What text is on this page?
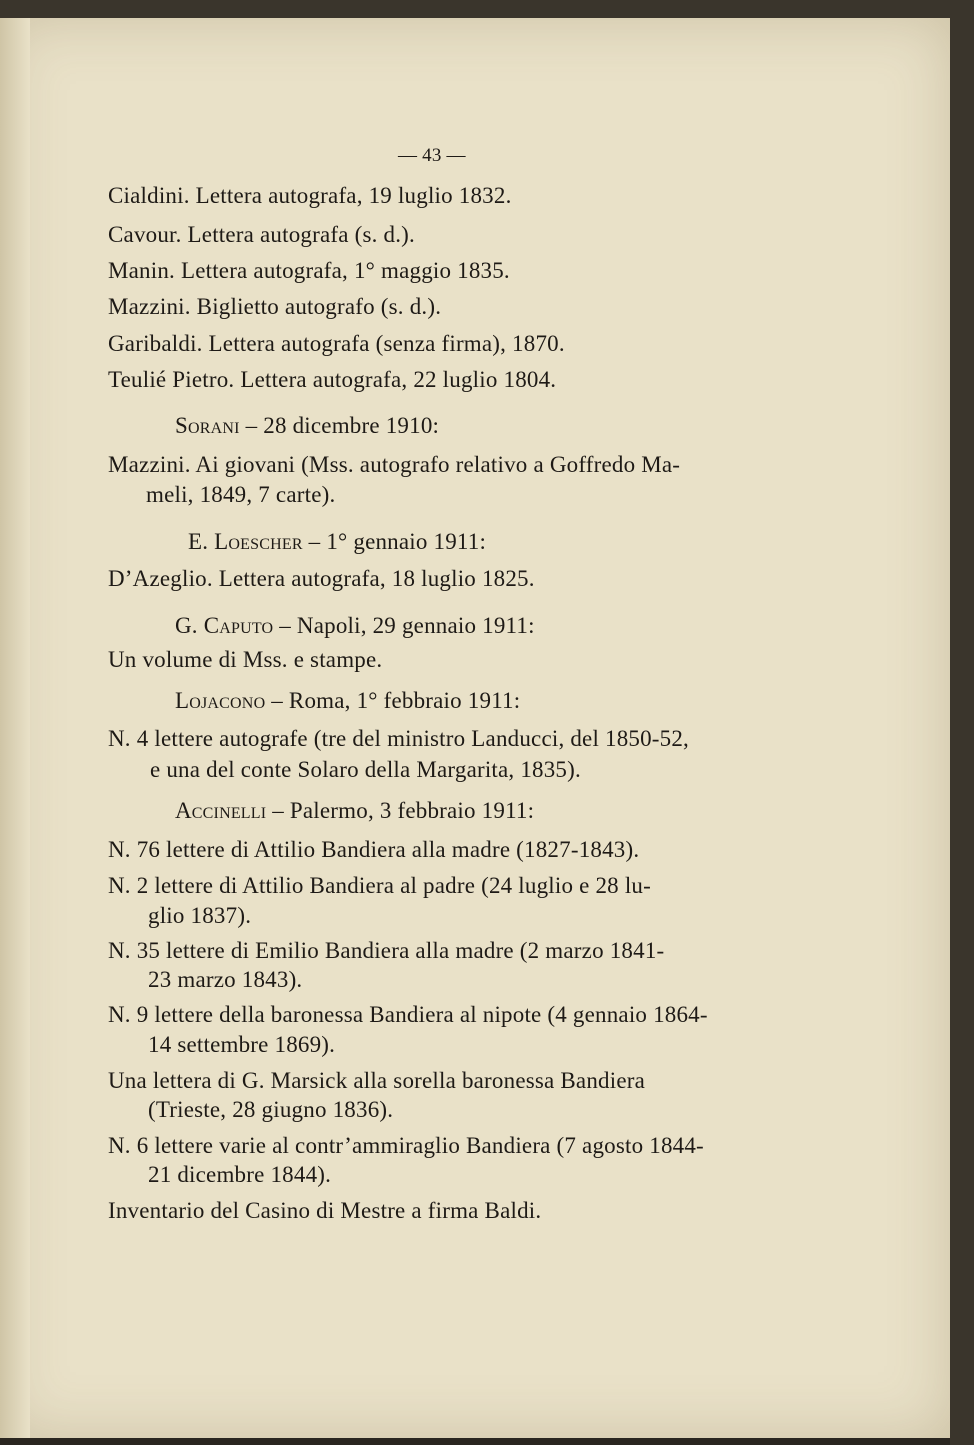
— 43 —
Cialdini. Lettera autografa, 19 luglio 1832.
Cavour. Lettera autografa (s. d.).
Manin. Lettera autografa, 1° maggio 1835.
Mazzini. Biglietto autografo (s. d.).
Garibaldi. Lettera autografa (senza firma), 1870.
Teulié Pietro. Lettera autografa, 22 luglio 1804.
Sorani – 28 dicembre 1910:
Mazzini. Ai giovani (Mss. autografo relativo a Goffredo Ma-
meli, 1849, 7 carte).
E. Loescher – 1° gennaio 1911:
D’Azeglio. Lettera autografa, 18 luglio 1825.
G. Caputo – Napoli, 29 gennaio 1911:
Un volume di Mss. e stampe.
Lojacono – Roma, 1° febbraio 1911:
N. 4 lettere autografe (tre del ministro Landucci, del 1850-52,
e una del conte Solaro della Margarita, 1835).
Accinelli – Palermo, 3 febbraio 1911:
N. 76 lettere di Attilio Bandiera alla madre (1827-1843).
N. 2 lettere di Attilio Bandiera al padre (24 luglio e 28 lu-
glio 1837).
N. 35 lettere di Emilio Bandiera alla madre (2 marzo 1841-
23 marzo 1843).
N. 9 lettere della baronessa Bandiera al nipote (4 gennaio 1864-
14 settembre 1869).
Una lettera di G. Marsick alla sorella baronessa Bandiera
(Trieste, 28 giugno 1836).
N. 6 lettere varie al contr’ammiraglio Bandiera (7 agosto 1844-
21 dicembre 1844).
Inventario del Casino di Mestre a firma Baldi.
